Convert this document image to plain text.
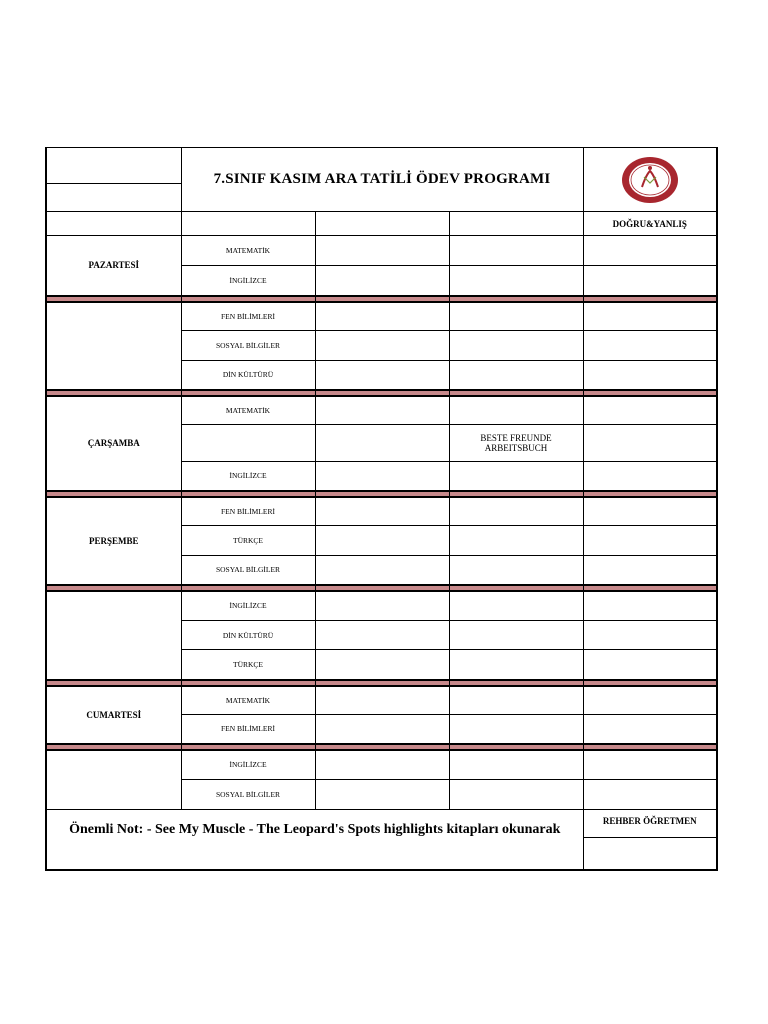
	7.SINIF KASIM ARA TATİLİ ÖDEV PROGRAMI	

				DOĞRU&YANLIŞ
PAZARTESİ	MATEMATİK			
	İNGİLİZCE			

	FEN BİLİMLERİ			
	SOSYAL BİLGİLER			
	DİN KÜLTÜRÜ			

ÇARŞAMBA	MATEMATİK			
			BESTE FREUNDE ARBEITSBUCH	
	İNGİLİZCE			

PERŞEMBE	FEN BİLİMLERİ			
	TÜRKÇE			
	SOSYAL BİLGİLER			

	İNGİLİZCE			
	DİN KÜLTÜRÜ			
	TÜRKÇE			

CUMARTESİ	MATEMATİK			
	FEN BİLİMLERİ			

	İNGİLİZCE			
	SOSYAL BİLGİLER			
Önemli Not: - See My Muscle - The Leopard's Spots highlights kitapları okunarak				REHBER ÖĞRETMEN
